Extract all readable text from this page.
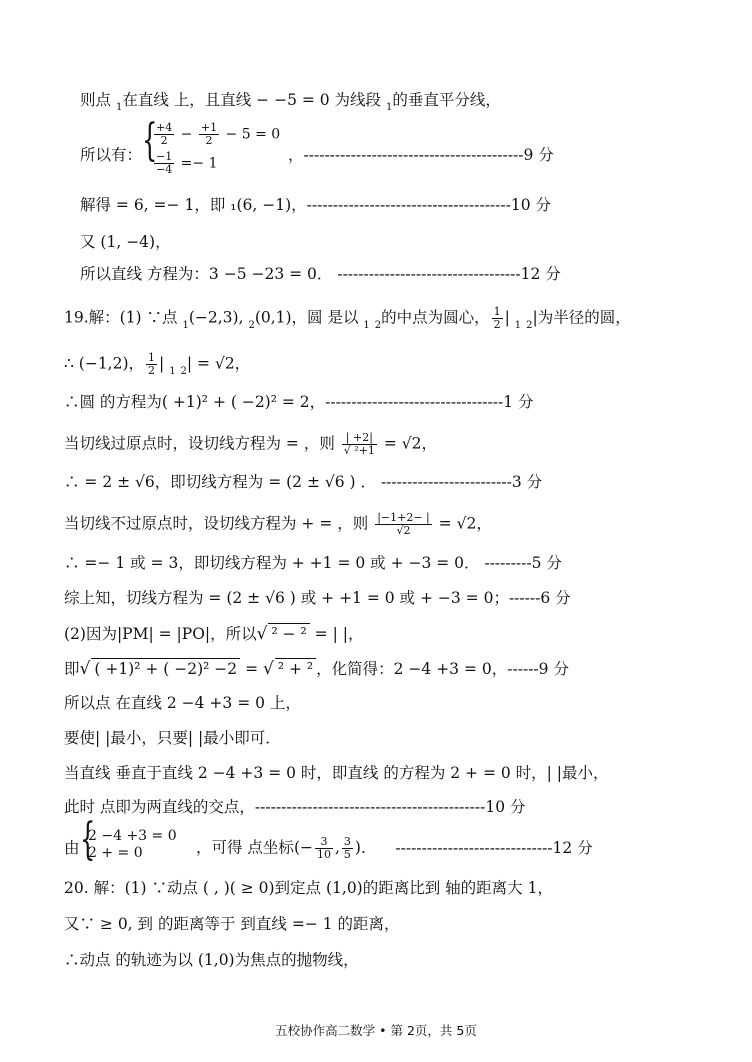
则点 $_1$在直线 上，且直线 − −5 = 0 为线段 $_1$的垂直平分线，
所以有： {
$\frac{+4}{2} - \frac{+1}{2} - 5 = 0$
$\frac{-1}{-4} =- 1$	，------------------------------------------9 分
解得 = 6, =− 1，即 ₁(6, −1)，---------------------------------------10 分
又 (1, −4)，
所以直线 方程为：3 −5 −23 = 0． -----------------------------------12 分
19.解：(1) ∵点 $_1$(−2,3), $_2$(0,1)，圆 是以 $_1$ $_2$的中点为圆心， $\frac{1}{2}$ | $_1$ $_2$|为半径的圆，
∴ (−1,2)， $\frac{1}{2}$ | $_1$ $_2$| = √2，
∴圆 的方程为( +1)² + ( −2)² = 2，----------------------------------1 分
当切线过原点时，设切线方程为 = ，则 $\frac{| +2|}{\text{√ ²+1}} = √2$，
∴ = 2 ± √6，即切线方程为 = (2 ± √6 ) ． -------------------------3 分
当切线不过原点时，设切线方程为 + = ，则 $\frac{|-1+2- |}{√2} = √2$，
∴ =− 1 或 = 3，即切线方程为 + +1 = 0 或 + −3 = 0． ---------5 分
综上知，切线方程为 = (2 ± √6 ) 或 + +1 = 0 或 + −3 = 0；------6 分
(2)因为|PM| = |PO|，所以√² − ² = | |，
即√ ( +1)² + ( −2)² −2 = √² + ² ，化简得：2 −4 +3 = 0，------9 分
所以点 在直线 2 −4 +3 = 0 上，
要使| |最小，只要| |最小即可．
当直线 垂直于直线 2 −4 +3 = 0 时，即直线 的方程为 2 + = 0 时，| |最小，
此时 点即为两直线的交点，--------------------------------------------10 分
由 {
2 −4 +3 = 0
2 + = 0	，可得 点坐标(− $\frac{3}{10}$ , $\frac{3}{5}$ )． ------------------------------12 分
20. 解：(1) ∵动点 ( , )( ≥ 0)到定点 (1,0)的距离比到 轴的距离大 1，
又∵ ≥ 0, 到 的距离等于 到直线 =− 1 的距离，
∴动点 的轨迹为以 (1,0)为焦点的抛物线，
五校协作高二数学 • 第 2页，共 5页
